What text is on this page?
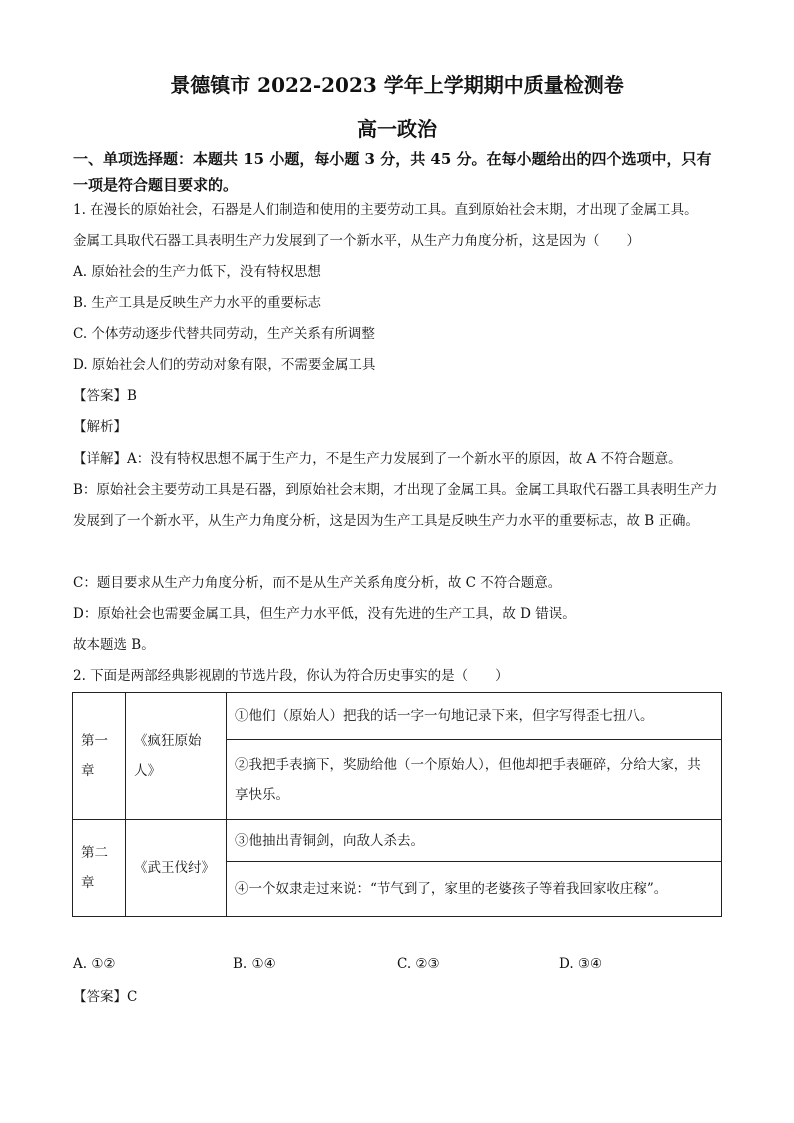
景德镇市 2022-2023 学年上学期期中质量检测卷
高一政治
一、单项选择题：本题共 15 小题，每小题 3 分，共 45 分。在每小题给出的四个选项中，只有一项是符合题目要求的。
1. 在漫长的原始社会，石器是人们制造和使用的主要劳动工具。直到原始社会末期，才出现了金属工具。
金属工具取代石器工具表明生产力发展到了一个新水平，从生产力角度分析，这是因为（　　）
A. 原始社会的生产力低下，没有特权思想
B. 生产工具是反映生产力水平的重要标志
C. 个体劳动逐步代替共同劳动，生产关系有所调整
D. 原始社会人们的劳动对象有限，不需要金属工具
【答案】B
【解析】
【详解】A：没有特权思想不属于生产力，不是生产力发展到了一个新水平的原因，故 A 不符合题意。
B：原始社会主要劳动工具是石器，到原始社会末期，才出现了金属工具。金属工具取代石器工具表明生产力发展到了一个新水平，从生产力角度分析，这是因为生产工具是反映生产力水平的重要标志，故 B 正确。
C：题目要求从生产力角度分析，而不是从生产关系角度分析，故 C 不符合题意。
D：原始社会也需要金属工具，但生产力水平低，没有先进的生产工具，故 D 错误。
故本题选 B。
2. 下面是两部经典影视剧的节选片段，你认为符合历史事实的是（　　）
第一章	《疯狂原始人》	①他们（原始人）把我的话一字一句地记录下来，但字写得歪七扭八。
		②我把手表摘下，奖励给他（一个原始人），但他却把手表砸碎，分给大家，共享快乐。
第二章	《武王伐纣》	③他抽出青铜剑，向敌人杀去。
		④一个奴隶走过来说：“节气到了，家里的老婆孩子等着我回家收庄稼”。
A. ①②	B. ①④	C. ②③	D. ③④
【答案】C
